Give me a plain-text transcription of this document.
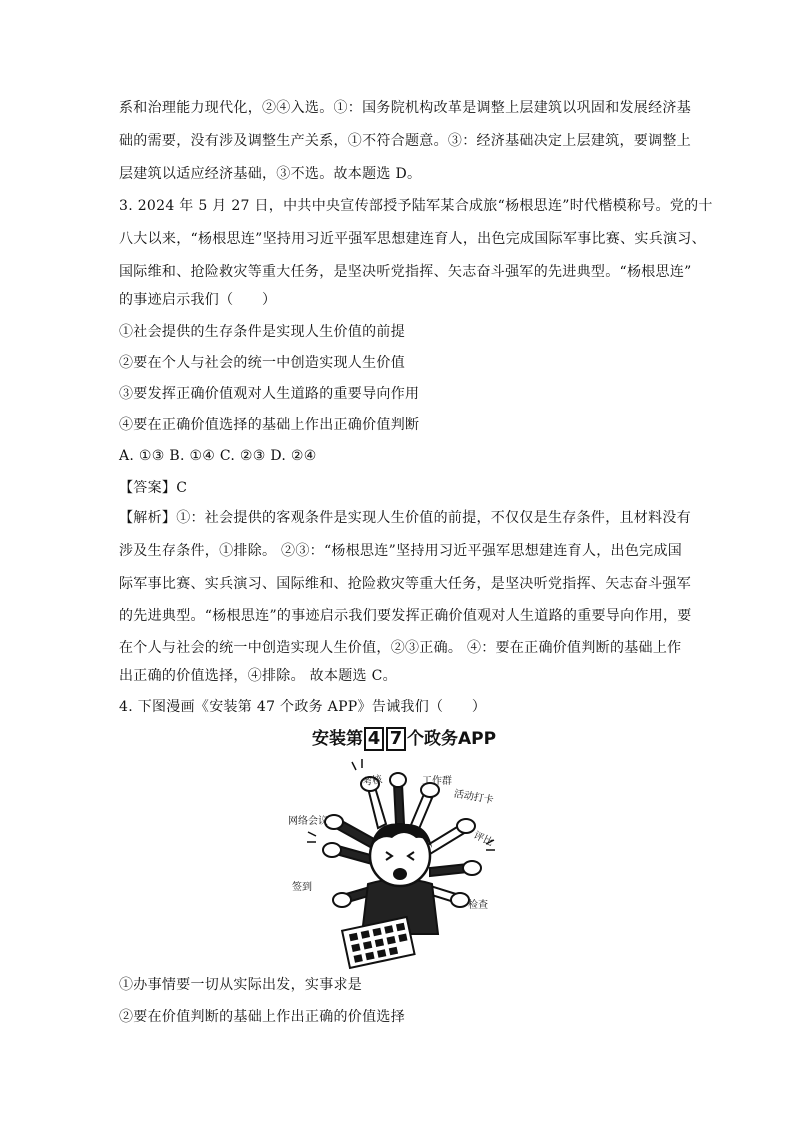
系和治理能力现代化，②④入选。①：国务院机构改革是调整上层建筑以巩固和发展经济基
础的需要，没有涉及调整生产关系，①不符合题意。③：经济基础决定上层建筑，要调整上
层建筑以适应经济基础，③不选。故本题选 D。
3. 2024 年 5 月 27 日，中共中央宣传部授予陆军某合成旅“杨根思连”时代楷模称号。党的十
八大以来，“杨根思连”坚持用习近平强军思想建连育人，出色完成国际军事比赛、实兵演习、
国际维和、抢险救灾等重大任务，是坚决听党指挥、矢志奋斗强军的先进典型。“杨根思连”
的事迹启示我们（　　）
①社会提供的生存条件是实现人生价值的前提
②要在个人与社会的统一中创造实现人生价值
③要发挥正确价值观对人生道路的重要导向作用
④要在正确价值选择的基础上作出正确价值判断
A. ①③ B. ①④ C. ②③ D. ②④
【答案】C
【解析】①：社会提供的客观条件是实现人生价值的前提，不仅仅是生存条件，且材料没有
涉及生存条件，①排除。 ②③：“杨根思连”坚持用习近平强军思想建连育人，出色完成国
际军事比赛、实兵演习、国际维和、抢险救灾等重大任务，是坚决听党指挥、矢志奋斗强军
的先进典型。“杨根思连”的事迹启示我们要发挥正确价值观对人生道路的重要导向作用，要
在个人与社会的统一中创造实现人生价值，②③正确。 ④：要在正确价值判断的基础上作
出正确的价值选择，④排除。 故本题选 C。
4. 下图漫画《安装第 47 个政务 APP》告诫我们（　　）
安装第 4 7 个政务APP
考核	工作群
活动打卡
网络会议
评比
签到
检查
①办事情要一切从实际出发，实事求是
②要在价值判断的基础上作出正确的价值选择
